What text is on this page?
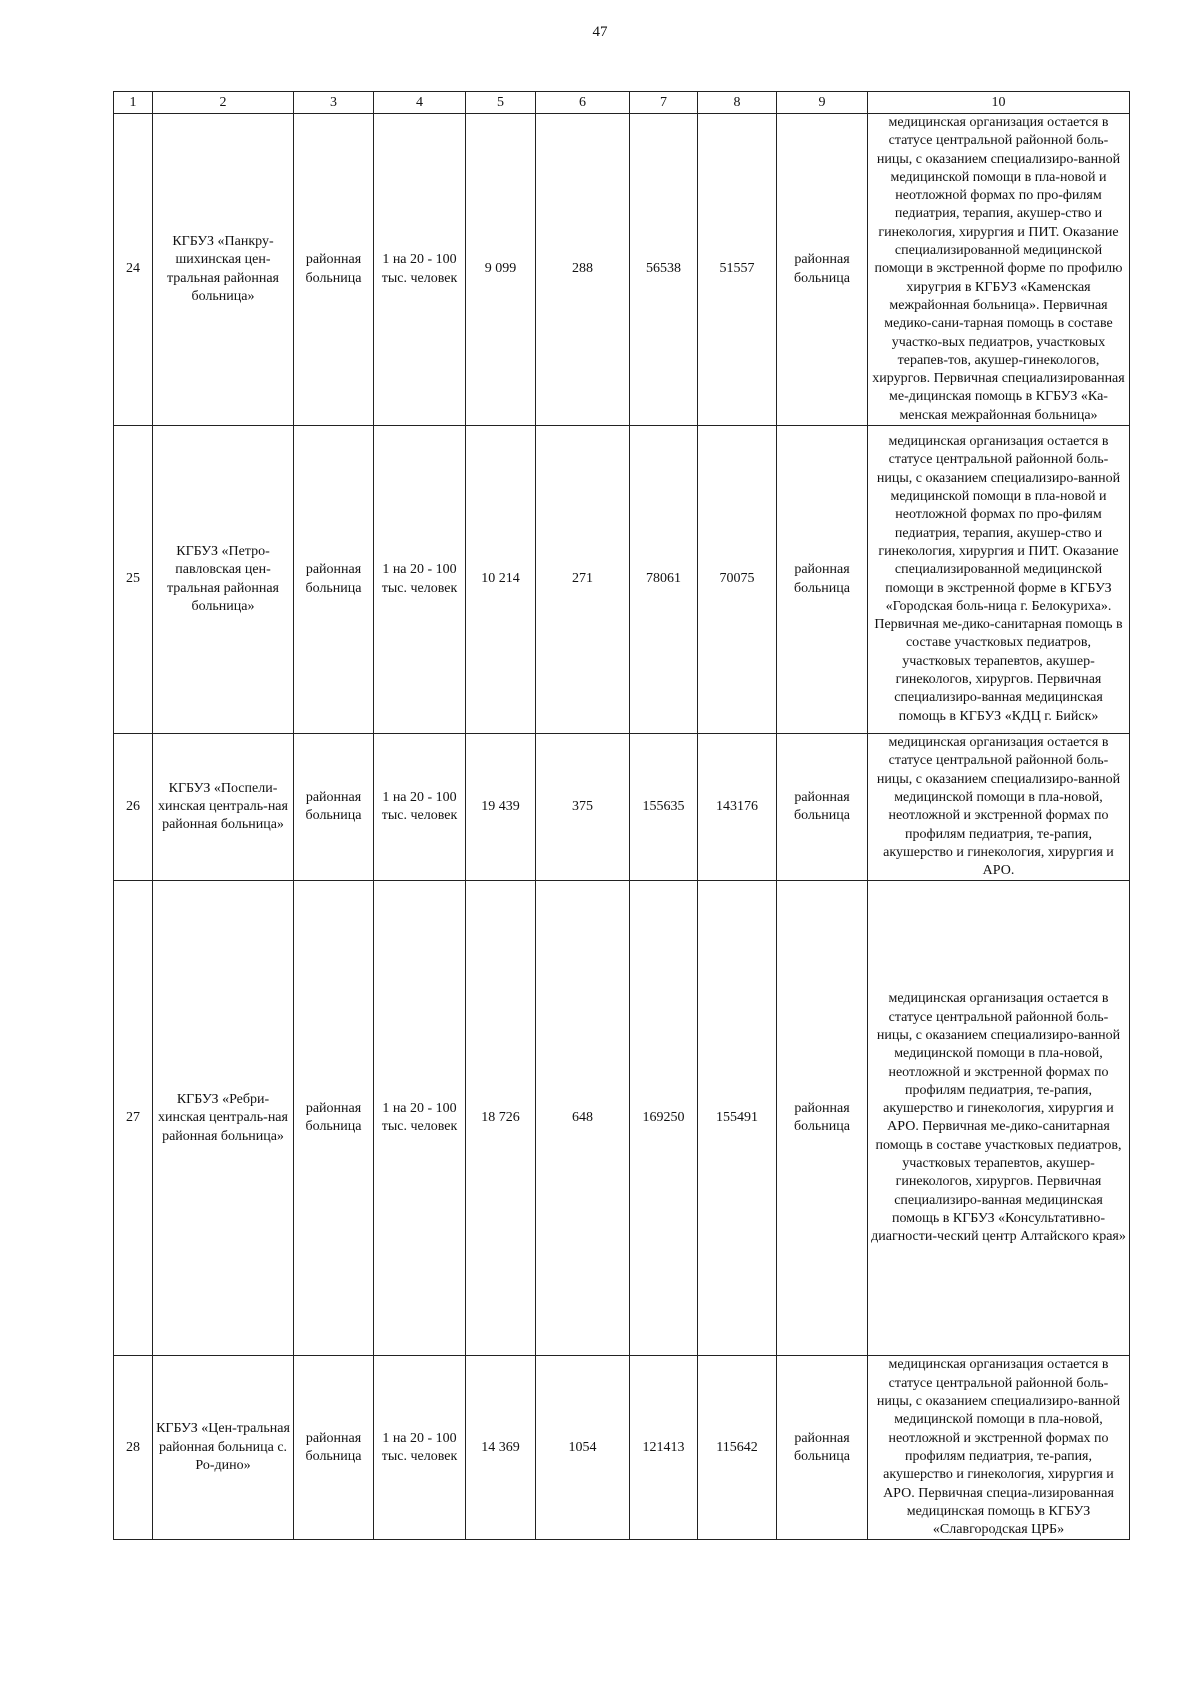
47
1	2	3	4	5	6	7	8	9	10
24	КГБУЗ «Панкру-шихинская цен-тральная районная больница»	районная больница	1 на 20 - 100 тыс. человек	9 099	288	56538	51557	районная больница	медицинская организация остается в статусе центральной районной боль-ницы, с оказанием специализиро-ванной медицинской помощи в пла-новой и неотложной формах по про-филям педиатрия, терапия, акушер-ство и гинекология, хирургия и ПИТ. Оказание специализированной медицинской помощи в экстренной форме по профилю хиругрия в КГБУЗ «Каменская межрайонная больница». Первичная медико-сани-тарная помощь в составе участко-вых педиатров, участковых терапев-тов, акушер-гинекологов, хирургов. Первичная специализированная ме-дицинская помощь в КГБУЗ «Ка-менская межрайонная больница»
25	КГБУЗ «Петро-павловская цен-тральная районная больница»	районная больница	1 на 20 - 100 тыс. человек	10 214	271	78061	70075	районная больница	медицинская организация остается в статусе центральной районной боль-ницы, с оказанием специализиро-ванной медицинской помощи в пла-новой и неотложной формах по про-филям педиатрия, терапия, акушер-ство и гинекология, хирургия и ПИТ. Оказание специализированной медицинской помощи в экстренной форме в КГБУЗ «Городская боль-ница г. Белокуриха». Первичная ме-дико-санитарная помощь в составе участковых педиатров, участковых терапевтов, акушер-гинекологов, хирургов. Первичная специализиро-ванная медицинская помощь в КГБУЗ «КДЦ г. Бийск»
26	КГБУЗ «Поспели-хинская централь-ная районная больница»	районная больница	1 на 20 - 100 тыс. человек	19 439	375	155635	143176	районная больница	медицинская организация остается в статусе центральной районной боль-ницы, с оказанием специализиро-ванной медицинской помощи в пла-новой, неотложной и экстренной формах по профилям педиатрия, те-рапия, акушерство и гинекология, хирургия и АРО.
27	КГБУЗ «Ребри-хинская централь-ная районная больница»	районная больница	1 на 20 - 100 тыс. человек	18 726	648	169250	155491	районная больница	медицинская организация остается в статусе центральной районной боль-ницы, с оказанием специализиро-ванной медицинской помощи в пла-новой, неотложной и экстренной формах по профилям педиатрия, те-рапия, акушерство и гинекология, хирургия и АРО. Первичная ме-дико-санитарная помощь в составе участковых педиатров, участковых терапевтов, акушер-гинекологов, хирургов. Первичная специализиро-ванная медицинская помощь в КГБУЗ «Консультативно-диагности-ческий центр Алтайского края»
28	КГБУЗ «Цен-тральная районная больница с. Ро-дино»	районная больница	1 на 20 - 100 тыс. человек	14 369	1054	121413	115642	районная больница	медицинская организация остается в статусе центральной районной боль-ницы, с оказанием специализиро-ванной медицинской помощи в пла-новой, неотложной и экстренной формах по профилям педиатрия, те-рапия, акушерство и гинекология, хирургия и АРО. Первичная специа-лизированная медицинская помощь в КГБУЗ «Славгородская ЦРБ»
